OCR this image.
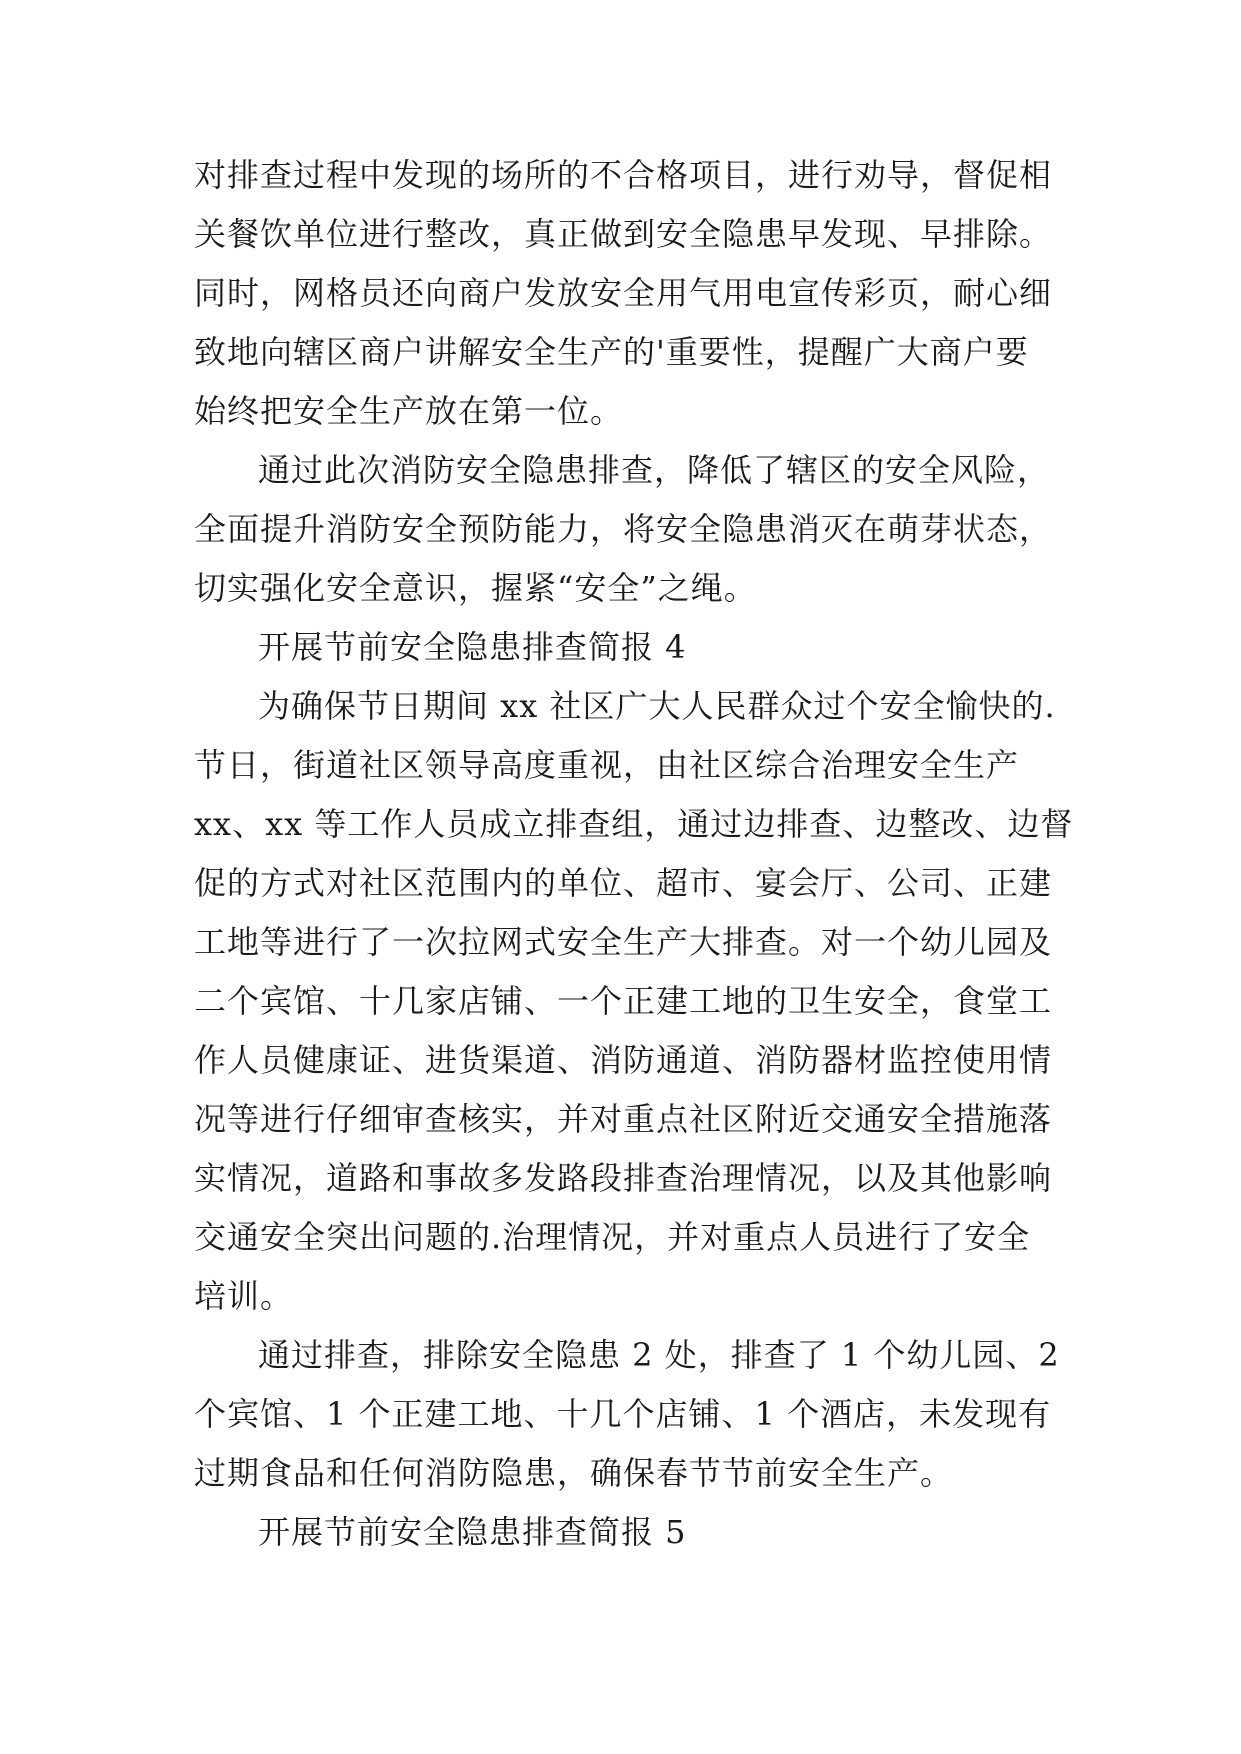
对排查过程中发现的场所的不合格项目，进行劝导，督促相
关餐饮单位进行整改，真正做到安全隐患早发现、早排除。
同时，网格员还向商户发放安全用气用电宣传彩页，耐心细
致地向辖区商户讲解安全生产的'重要性，提醒广大商户要
始终把安全生产放在第一位。
通过此次消防安全隐患排查，降低了辖区的安全风险，
全面提升消防安全预防能力，将安全隐患消灭在萌芽状态，
切实强化安全意识，握紧“安全”之绳。
开展节前安全隐患排查简报 4
为确保节日期间 xx 社区广大人民群众过个安全愉快的.
节日，街道社区领导高度重视，由社区综合治理安全生产
xx、xx 等工作人员成立排查组，通过边排查、边整改、边督
促的方式对社区范围内的单位、超市、宴会厅、公司、正建
工地等进行了一次拉网式安全生产大排查。对一个幼儿园及
二个宾馆、十几家店铺、一个正建工地的卫生安全，食堂工
作人员健康证、进货渠道、消防通道、消防器材监控使用情
况等进行仔细审查核实，并对重点社区附近交通安全措施落
实情况，道路和事故多发路段排查治理情况，以及其他影响
交通安全突出问题的.治理情况，并对重点人员进行了安全
培训。
通过排查，排除安全隐患 2 处，排查了 1 个幼儿园、2
个宾馆、1 个正建工地、十几个店铺、1 个酒店，未发现有
过期食品和任何消防隐患，确保春节节前安全生产。
开展节前安全隐患排查简报 5
